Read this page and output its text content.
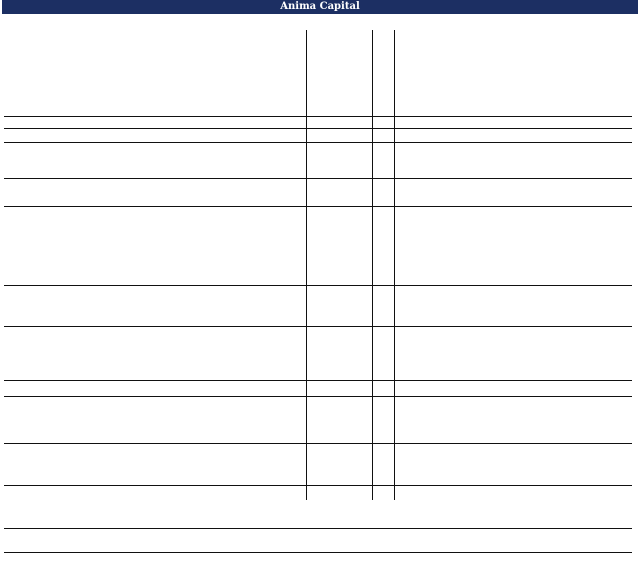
Anima Capital
